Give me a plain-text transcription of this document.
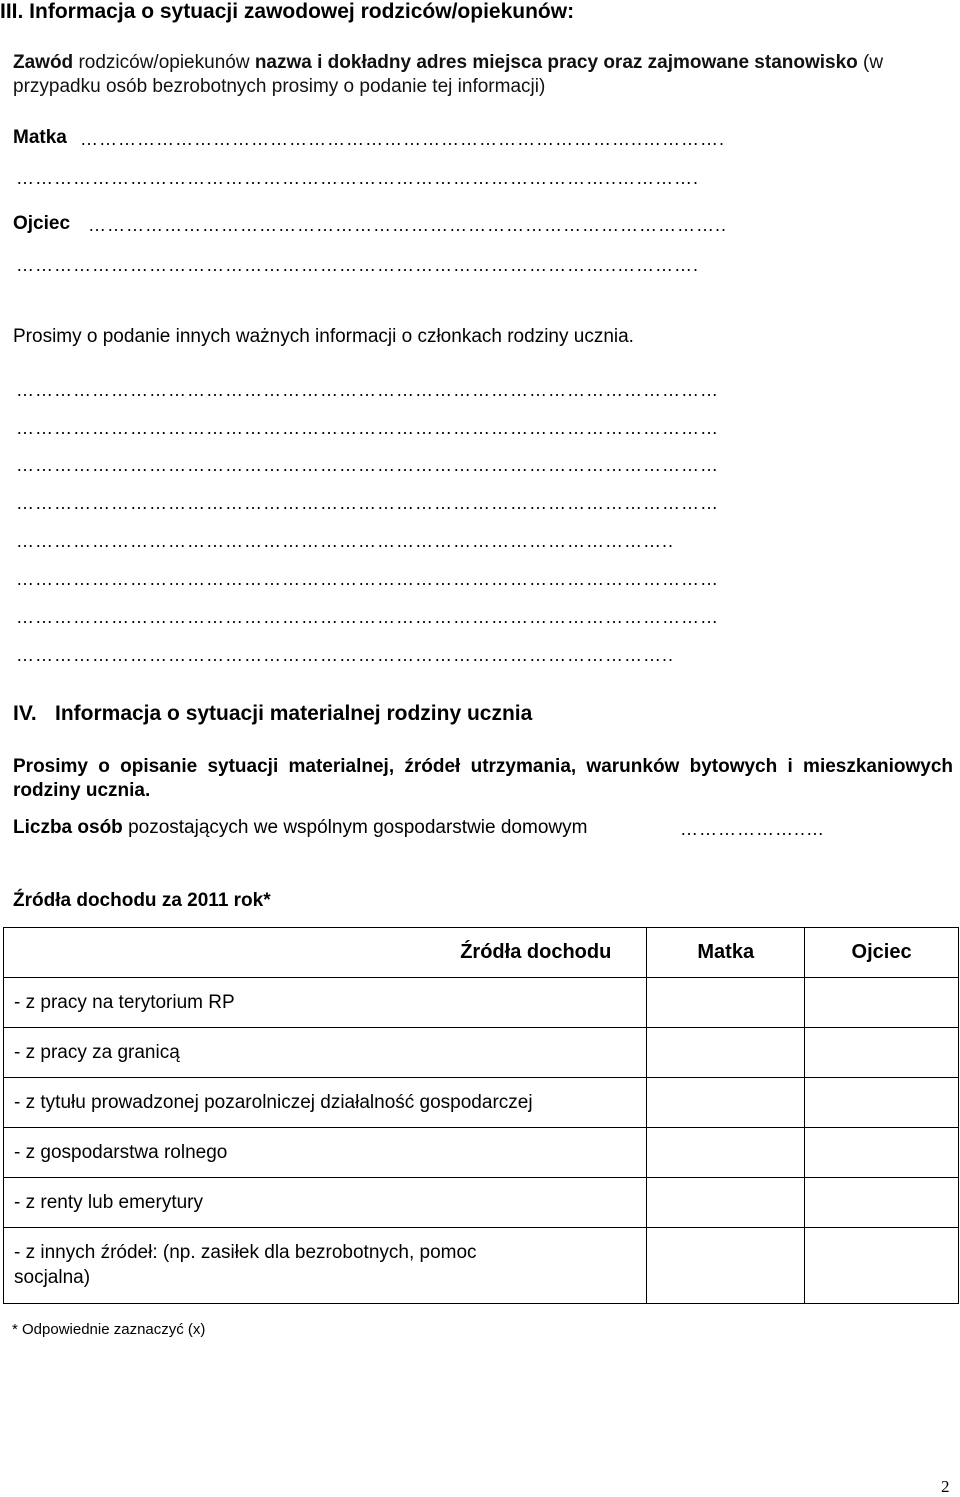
III. Informacja o sytuacji zawodowej rodziców/opiekunów:
Zawód rodziców/opiekunów nazwa i dokładny adres miejsca pracy oraz zajmowane stanowisko (w przypadku osób bezrobotnych prosimy o podanie tej informacji)
Matka ……………………………………………………………………………..………….
…………………………………………………………………………………..………….
Ojciec ………………………………………………………………………………………..
…………………………………………………………………………………..………….
Prosimy o podanie innych ważnych informacji o członkach rodziny ucznia.
…………………………………………………………………………………………………
…………………………………………………………………………………………………
…………………………………………………………………………………………………
…………………………………………………………………………………………………
…………………………………………………………………………………………..
…………………………………………………………………………………………………
…………………………………………………………………………………………………
…………………………………………………………………………………………..
IV. Informacja o sytuacji materialnej rodziny ucznia
Prosimy o opisanie sytuacji materialnej, źródeł utrzymania, warunków bytowych i mieszkaniowych rodziny ucznia.
Liczba osób pozostających we wspólnym gospodarstwie domowym	………………..…
Źródła dochodu za 2011 rok*
Źródła dochodu	Matka	Ojciec
- z pracy na terytorium RP		
- z pracy za granicą		
- z tytułu prowadzonej pozarolniczej działalność gospodarczej		
- z gospodarstwa rolnego		
- z renty lub emerytury		
- z innych źródeł: (np. zasiłek dla bezrobotnych, pomoc socjalna)		
* Odpowiednie zaznaczyć (x)
2
